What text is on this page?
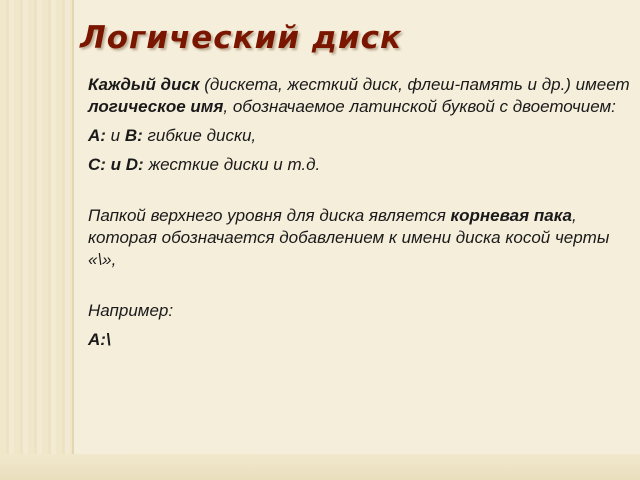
Логический диск

Каждый диск (дискета, жесткий диск, флеш-память и др.) имеет логическое имя, обозначаемое латинской буквой с двоеточием:

А: и B: гибкие диски,

С: и D: жесткие диски и т.д.

Папкой верхнего уровня для диска является корневая пака, которая обозначается добавлением к имени диска косой черты «\»,

Например:

A:\
